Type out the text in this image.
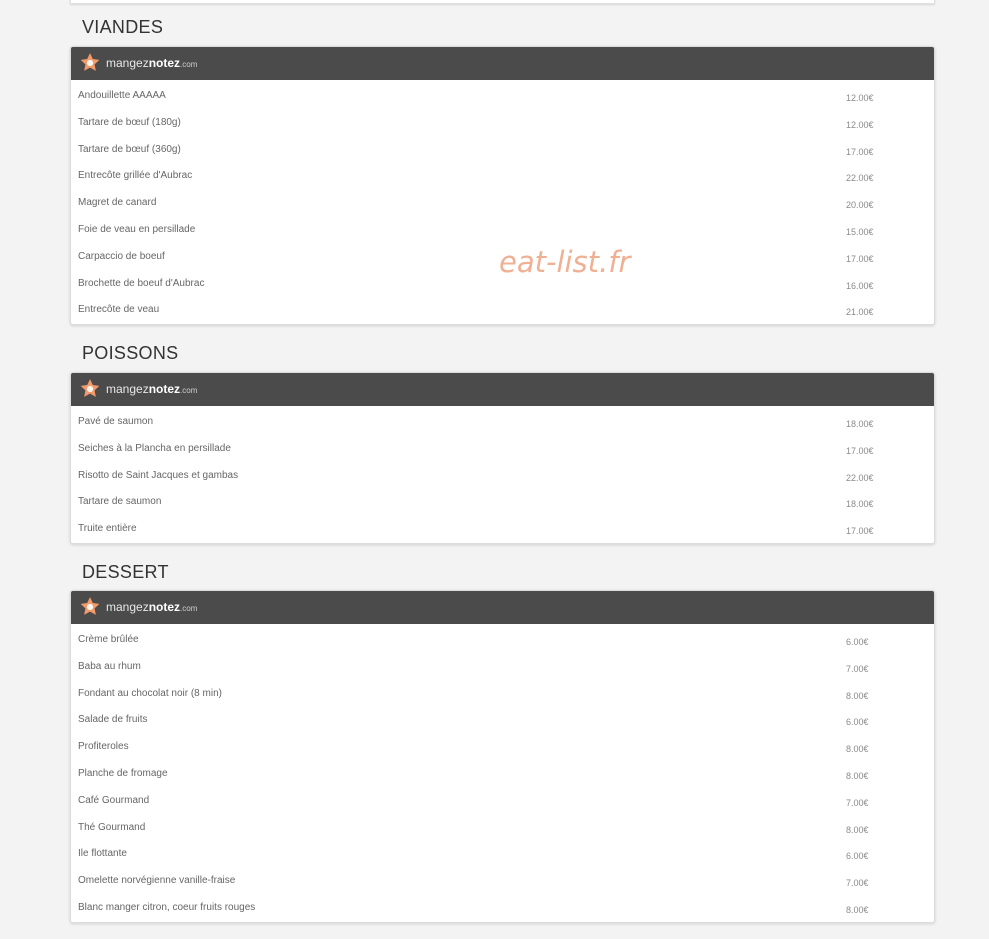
VIANDES
mangeznotez.com
Andouillette AAAAA	12.00€
Tartare de bœuf (180g)	12.00€
Tartare de bœuf (360g)	17.00€
Entrecôte grillée d'Aubrac	22.00€
Magret de canard	20.00€
Foie de veau en persillade	15.00€
Carpaccio de boeuf	17.00€
Brochette de boeuf d'Aubrac	16.00€
Entrecôte de veau	21.00€
POISSONS
mangeznotez.com
Pavé de saumon	18.00€
Seiches à la Plancha en persillade	17.00€
Risotto de Saint Jacques et gambas	22.00€
Tartare de saumon	18.00€
Truite entière	17.00€
DESSERT
mangeznotez.com
Crème brûlée	6.00€
Baba au rhum	7.00€
Fondant au chocolat noir (8 min)	8.00€
Salade de fruits	6.00€
Profiteroles	8.00€
Planche de fromage	8.00€
Café Gourmand	7.00€
Thé Gourmand	8.00€
Ile flottante	6.00€
Omelette norvégienne vanille-fraise	7.00€
Blanc manger citron, coeur fruits rouges	8.00€
eat-list.fr
